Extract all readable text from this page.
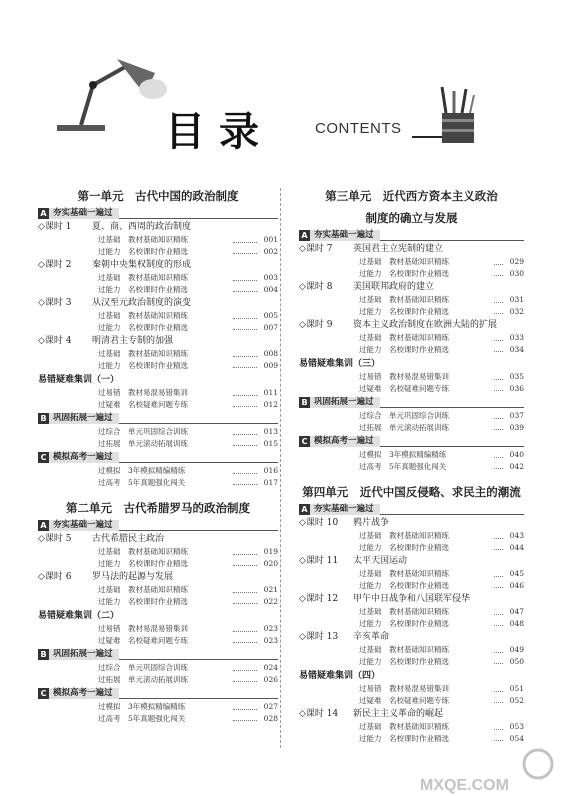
目录	CONTENTS
第一单元　古代中国的政治制度
A 夯实基础一遍过
◇课时 1	夏、商、西周的政治制度
过基础	教材基础知识精练	001
过能力	名校课时作业精选	002
◇课时 2	秦朝中央集权制度的形成
过基础	教材基础知识精练	003
过能力	名校课时作业精选	004
◇课时 3	从汉至元政治制度的演变
过基础	教材基础知识精练	005
过能力	名校课时作业精选	007
◇课时 4	明清君主专制的加强
过基础	教材基础知识精练	008
过能力	名校课时作业精选	009
易错疑难集训（一）
过易错	教材易混易错集训	011
过疑难	名校疑难问题专练	012
B 巩固拓展一遍过
过综合	单元巩固综合训练	013
过拓展	单元滚动拓展训练	015
C 模拟高考一遍过
过模拟	3年模拟精编精练	016
过高考	5年真题强化闯关	017
第二单元　古代希腊罗马的政治制度
A 夯实基础一遍过
◇课时 5	古代希腊民主政治
过基础	教材基础知识精练	019
过能力	名校课时作业精选	020
◇课时 6	罗马法的起源与发展
过基础	教材基础知识精练	021
过能力	名校课时作业精选	022
易错疑难集训（二）
过易错	教材易混易错集训	023
过疑难	名校疑难问题专练	023
B 巩固拓展一遍过
过综合	单元巩固综合训练	024
过拓展	单元滚动拓展训练	026
C 模拟高考一遍过
过模拟	3年模拟精编精练	027
过高考	5年真题强化闯关	028
第三单元　近代西方资本主义政治
制度的确立与发展
A 夯实基础一遍过
◇课时 7	英国君主立宪制的建立
过基础	教材基础知识精练	029
过能力	名校课时作业精选	030
◇课时 8	美国联邦政府的建立
过基础	教材基础知识精练	031
过能力	名校课时作业精选	032
◇课时 9	资本主义政治制度在欧洲大陆的扩展
过基础	教材基础知识精练	033
过能力	名校课时作业精选	034
易错疑难集训（三）
过易错	教材易混易错集训	035
过疑难	名校疑难问题专练	036
B 巩固拓展一遍过
过综合	单元巩固综合训练	037
过拓展	单元滚动拓展训练	039
C 模拟高考一遍过
过模拟	3年模拟精编精练	040
过高考	5年真题强化闯关	042
第四单元　近代中国反侵略、求民主的潮流
A 夯实基础一遍过
◇课时 10	鸦片战争
过基础	教材基础知识精练	043
过能力	名校课时作业精选	044
◇课时 11	太平天国运动
过基础	教材基础知识精练	045
过能力	名校课时作业精选	046
◇课时 12	甲午中日战争和八国联军侵华
过基础	教材基础知识精练	047
过能力	名校课时作业精选	048
◇课时 13	辛亥革命
过基础	教材基础知识精练	049
过能力	名校课时作业精选	050
易错疑难集训（四）
过易错	教材易混易错集训	051
过疑难	名校疑难问题专练	052
◇课时 14	新民主主义革命的崛起
过基础	教材基础知识精练	053
过能力	名校课时作业精选	054
MXQE.COM
